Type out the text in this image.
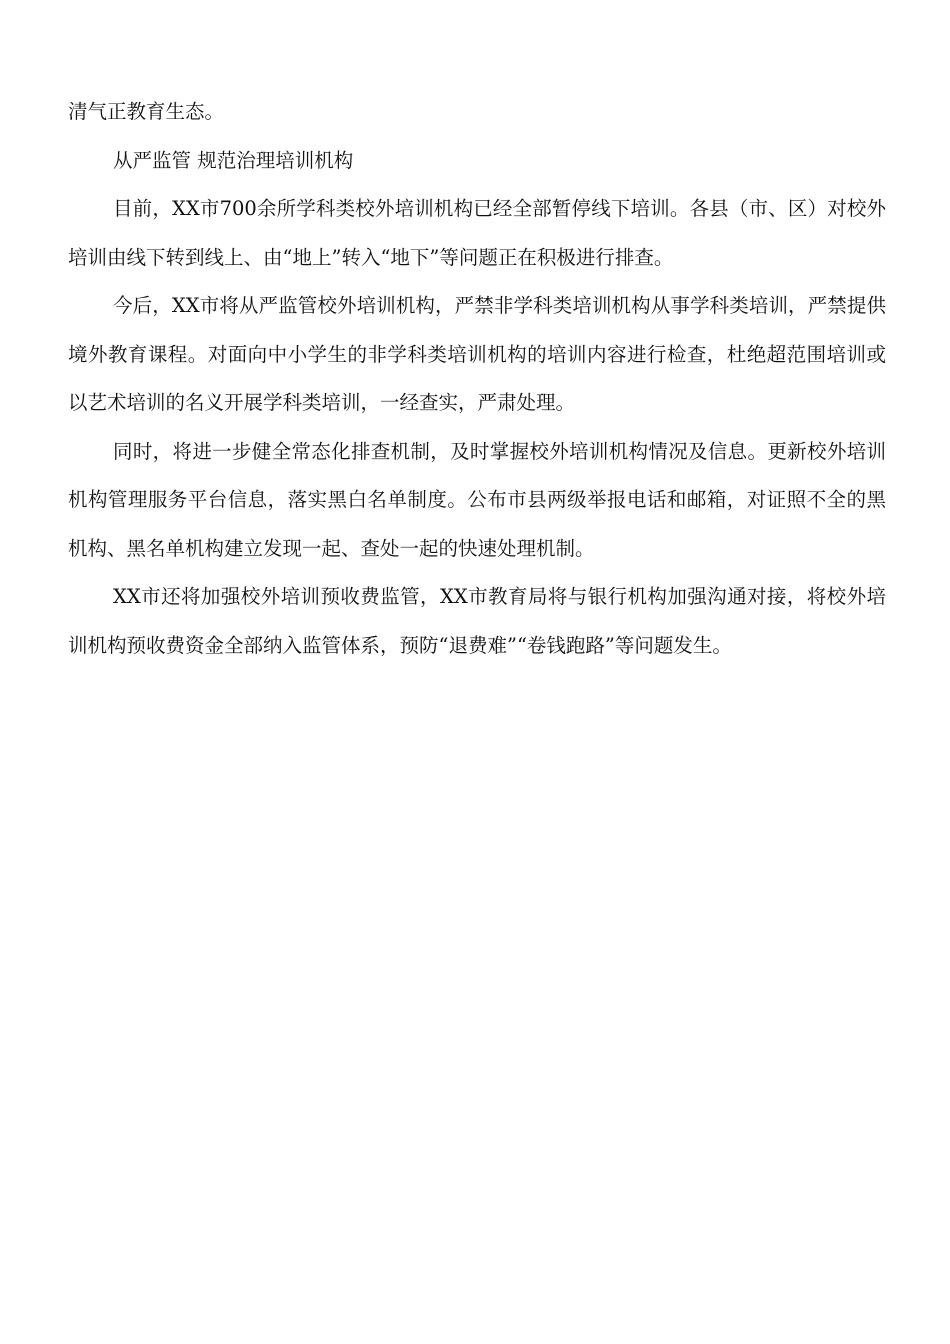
清气正教育生态。

从严监管 规范治理培训机构

目前，XX市700余所学科类校外培训机构已经全部暂停线下培训。各县（市、区）对校外培训由线下转到线上、由“地上”转入“地下”等问题正在积极进行排查。

今后，XX市将从严监管校外培训机构，严禁非学科类培训机构从事学科类培训，严禁提供境外教育课程。对面向中小学生的非学科类培训机构的培训内容进行检查，杜绝超范围培训或以艺术培训的名义开展学科类培训，一经查实，严肃处理。

同时，将进一步健全常态化排查机制，及时掌握校外培训机构情况及信息。更新校外培训机构管理服务平台信息，落实黑白名单制度。公布市县两级举报电话和邮箱，对证照不全的黑机构、黑名单机构建立发现一起、查处一起的快速处理机制。

XX市还将加强校外培训预收费监管，XX市教育局将与银行机构加强沟通对接，将校外培训机构预收费资金全部纳入监管体系，预防“退费难”“卷钱跑路”等问题发生。
